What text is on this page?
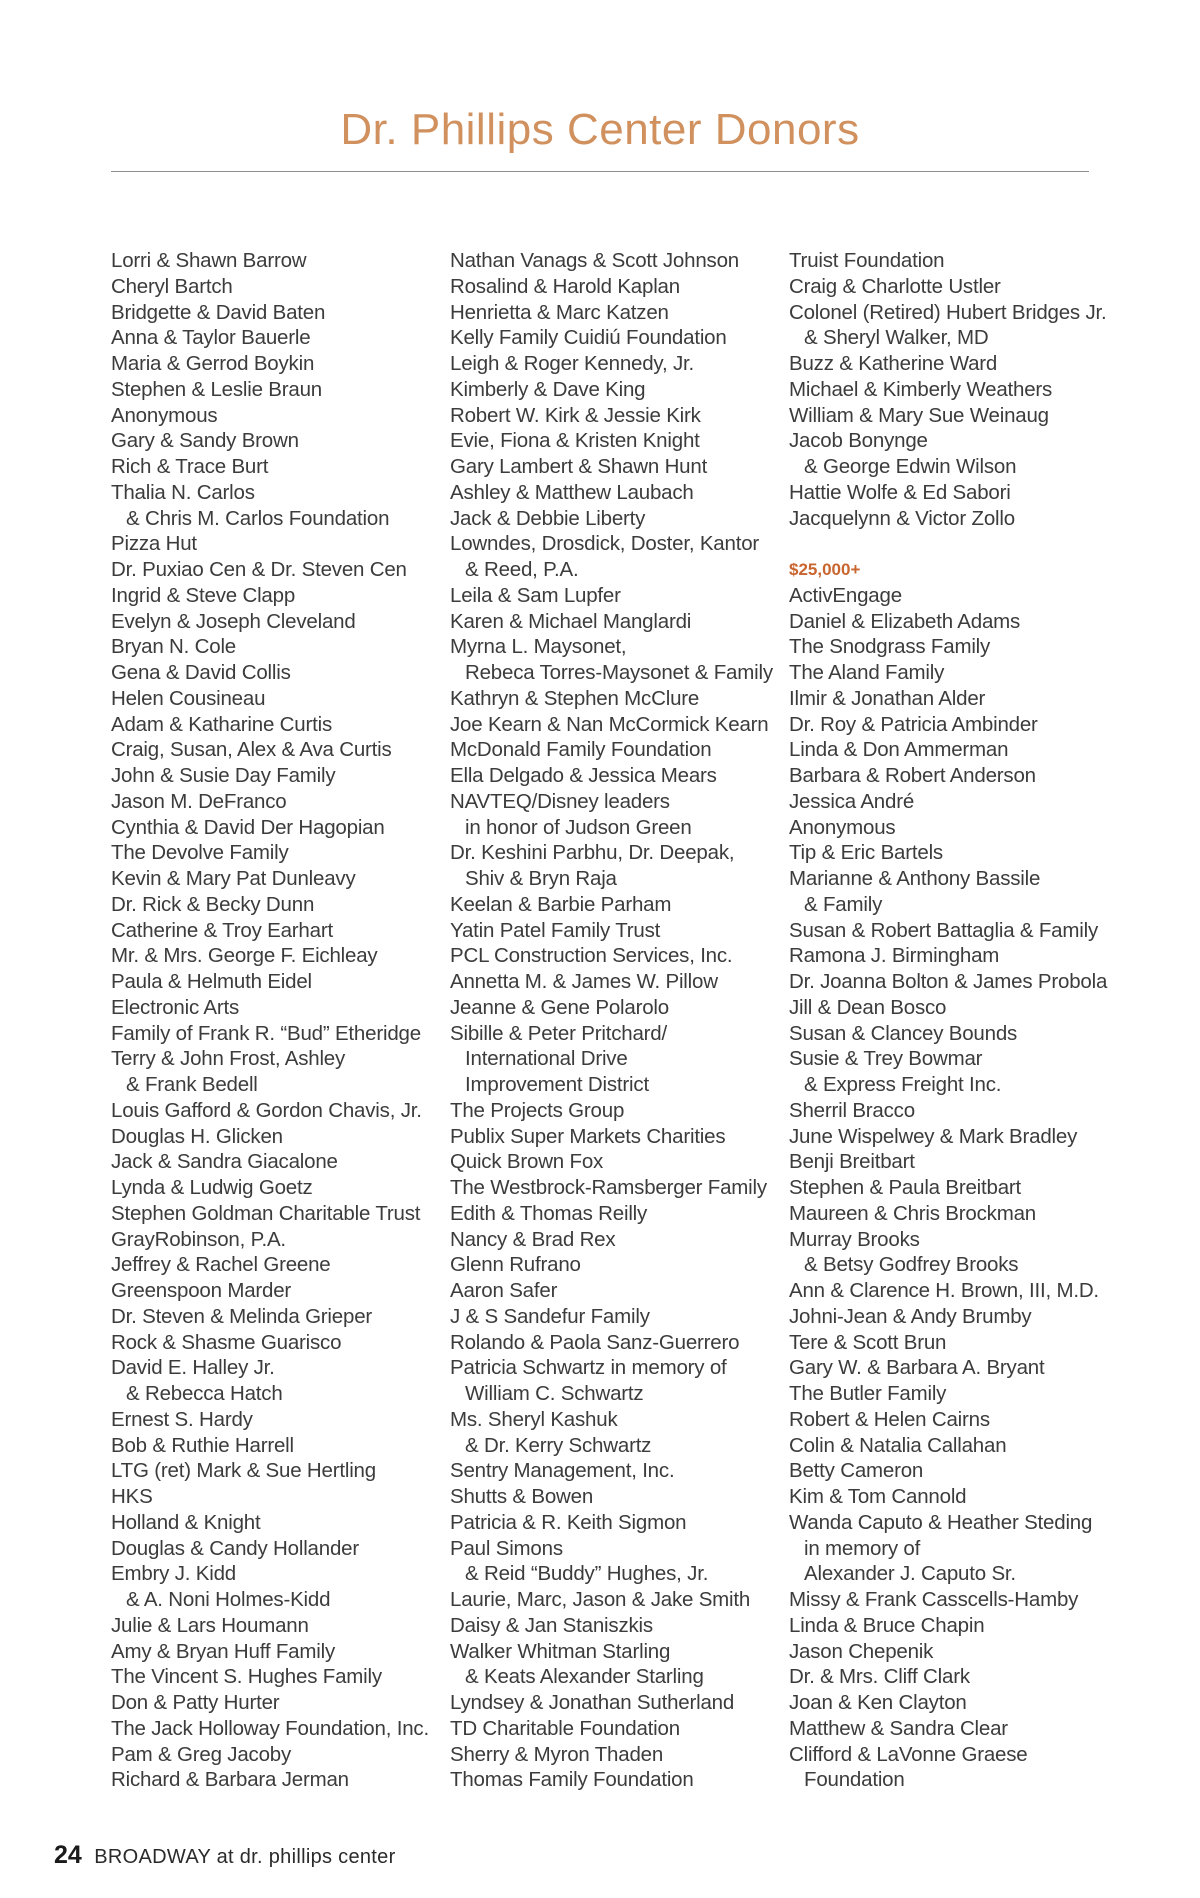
Dr. Phillips Center Donors
Lorri & Shawn Barrow
Cheryl Bartch
Bridgette & David Baten
Anna & Taylor Bauerle
Maria & Gerrod Boykin
Stephen & Leslie Braun
Anonymous
Gary & Sandy Brown
Rich & Trace Burt
Thalia N. Carlos
& Chris M. Carlos Foundation
Pizza Hut
Dr. Puxiao Cen & Dr. Steven Cen
Ingrid & Steve Clapp
Evelyn & Joseph Cleveland
Bryan N. Cole
Gena & David Collis
Helen Cousineau
Adam & Katharine Curtis
Craig, Susan, Alex & Ava Curtis
John & Susie Day Family
Jason M. DeFranco
Cynthia & David Der Hagopian
The Devolve Family
Kevin & Mary Pat Dunleavy
Dr. Rick & Becky Dunn
Catherine & Troy Earhart
Mr. & Mrs. George F. Eichleay
Paula & Helmuth Eidel
Electronic Arts
Family of Frank R. “Bud” Etheridge
Terry & John Frost, Ashley
& Frank Bedell
Louis Gafford & Gordon Chavis, Jr.
Douglas H. Glicken
Jack & Sandra Giacalone
Lynda & Ludwig Goetz
Stephen Goldman Charitable Trust
GrayRobinson, P.A.
Jeffrey & Rachel Greene
Greenspoon Marder
Dr. Steven & Melinda Grieper
Rock & Shasme Guarisco
David E. Halley Jr.
& Rebecca Hatch
Ernest S. Hardy
Bob & Ruthie Harrell
LTG (ret) Mark & Sue Hertling
HKS
Holland & Knight
Douglas & Candy Hollander
Embry J. Kidd
& A. Noni Holmes-Kidd
Julie & Lars Houmann
Amy & Bryan Huff Family
The Vincent S. Hughes Family
Don & Patty Hurter
The Jack Holloway Foundation, Inc.
Pam & Greg Jacoby
Richard & Barbara Jerman
Nathan Vanags & Scott Johnson
Rosalind & Harold Kaplan
Henrietta & Marc Katzen
Kelly Family Cuidiú Foundation
Leigh & Roger Kennedy, Jr.
Kimberly & Dave King
Robert W. Kirk & Jessie Kirk
Evie, Fiona & Kristen Knight
Gary Lambert & Shawn Hunt
Ashley & Matthew Laubach
Jack & Debbie Liberty
Lowndes, Drosdick, Doster, Kantor
& Reed, P.A.
Leila & Sam Lupfer
Karen & Michael Manglardi
Myrna L. Maysonet,
Rebeca Torres-Maysonet & Family
Kathryn & Stephen McClure
Joe Kearn & Nan McCormick Kearn
McDonald Family Foundation
Ella Delgado & Jessica Mears
NAVTEQ/Disney leaders
in honor of Judson Green
Dr. Keshini Parbhu, Dr. Deepak,
Shiv & Bryn Raja
Keelan & Barbie Parham
Yatin Patel Family Trust
PCL Construction Services, Inc.
Annetta M. & James W. Pillow
Jeanne & Gene Polarolo
Sibille & Peter Pritchard/
International Drive
Improvement District
The Projects Group
Publix Super Markets Charities
Quick Brown Fox
The Westbrock-Ramsberger Family
Edith & Thomas Reilly
Nancy & Brad Rex
Glenn Rufrano
Aaron Safer
J & S Sandefur Family
Rolando & Paola Sanz-Guerrero
Patricia Schwartz in memory of
William C. Schwartz
Ms. Sheryl Kashuk
& Dr. Kerry Schwartz
Sentry Management, Inc.
Shutts & Bowen
Patricia & R. Keith Sigmon
Paul Simons
& Reid “Buddy” Hughes, Jr.
Laurie, Marc, Jason & Jake Smith
Daisy & Jan Staniszkis
Walker Whitman Starling
& Keats Alexander Starling
Lyndsey & Jonathan Sutherland
TD Charitable Foundation
Sherry & Myron Thaden
Thomas Family Foundation
Truist Foundation
Craig & Charlotte Ustler
Colonel (Retired) Hubert Bridges Jr.
& Sheryl Walker, MD
Buzz & Katherine Ward
Michael & Kimberly Weathers
William & Mary Sue Weinaug
Jacob Bonynge
& George Edwin Wilson
Hattie Wolfe & Ed Sabori
Jacquelynn & Victor Zollo
$25,000+
ActivEngage
Daniel & Elizabeth Adams
The Snodgrass Family
The Aland Family
Ilmir & Jonathan Alder
Dr. Roy & Patricia Ambinder
Linda & Don Ammerman
Barbara & Robert Anderson
Jessica André
Anonymous
Tip & Eric Bartels
Marianne & Anthony Bassile
& Family
Susan & Robert Battaglia & Family
Ramona J. Birmingham
Dr. Joanna Bolton & James Probola
Jill & Dean Bosco
Susan & Clancey Bounds
Susie & Trey Bowmar
& Express Freight Inc.
Sherril Bracco
June Wispelwey & Mark Bradley
Benji Breitbart
Stephen & Paula Breitbart
Maureen & Chris Brockman
Murray Brooks
& Betsy Godfrey Brooks
Ann & Clarence H. Brown, III, M.D.
Johni-Jean & Andy Brumby
Tere & Scott Brun
Gary W. & Barbara A. Bryant
The Butler Family
Robert & Helen Cairns
Colin & Natalia Callahan
Betty Cameron
Kim & Tom Cannold
Wanda Caputo & Heather Steding
in memory of
Alexander J. Caputo Sr.
Missy & Frank Casscells-Hamby
Linda & Bruce Chapin
Jason Chepenik
Dr. & Mrs. Cliff Clark
Joan & Ken Clayton
Matthew & Sandra Clear
Clifford & LaVonne Graese
Foundation
24 BROADWAY at dr. phillips center
